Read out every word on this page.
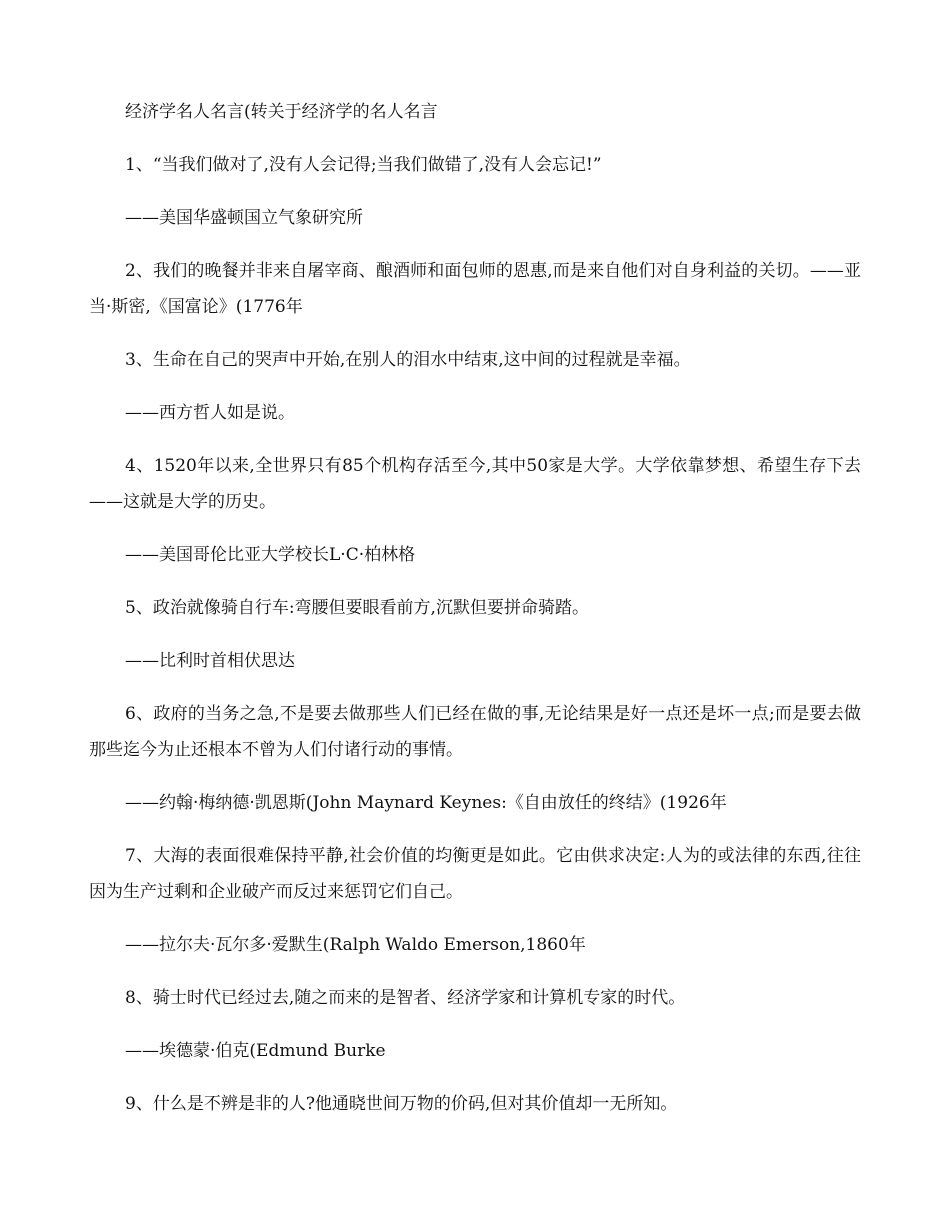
经济学名人名言(转关于经济学的名人名言

1、“当我们做对了,没有人会记得;当我们做错了,没有人会忘记!”

——美国华盛顿国立气象研究所

2、我们的晚餐并非来自屠宰商、酿酒师和面包师的恩惠,而是来自他们对自身利益的关切。——亚当·斯密,《国富论》(1776年

3、生命在自己的哭声中开始,在别人的泪水中结束,这中间的过程就是幸福。

——西方哲人如是说。

4、1520年以来,全世界只有85个机构存活至今,其中50家是大学。大学依靠梦想、希望生存下去——这就是大学的历史。

——美国哥伦比亚大学校长L·C·柏林格

5、政治就像骑自行车:弯腰但要眼看前方,沉默但要拼命骑踏。

——比利时首相伏思达

6、政府的当务之急,不是要去做那些人们已经在做的事,无论结果是好一点还是坏一点;而是要去做那些迄今为止还根本不曾为人们付诸行动的事情。

——约翰·梅纳德·凯恩斯(John Maynard Keynes:《自由放任的终结》(1926年

7、大海的表面很难保持平静,社会价值的均衡更是如此。它由供求决定:人为的或法律的东西,往往因为生产过剩和企业破产而反过来惩罚它们自己。

——拉尔夫·瓦尔多·爱默生(Ralph Waldo Emerson,1860年

8、骑士时代已经过去,随之而来的是智者、经济学家和计算机专家的时代。

——埃德蒙·伯克(Edmund Burke

9、什么是不辨是非的人?他通晓世间万物的价码,但对其价值却一无所知。
